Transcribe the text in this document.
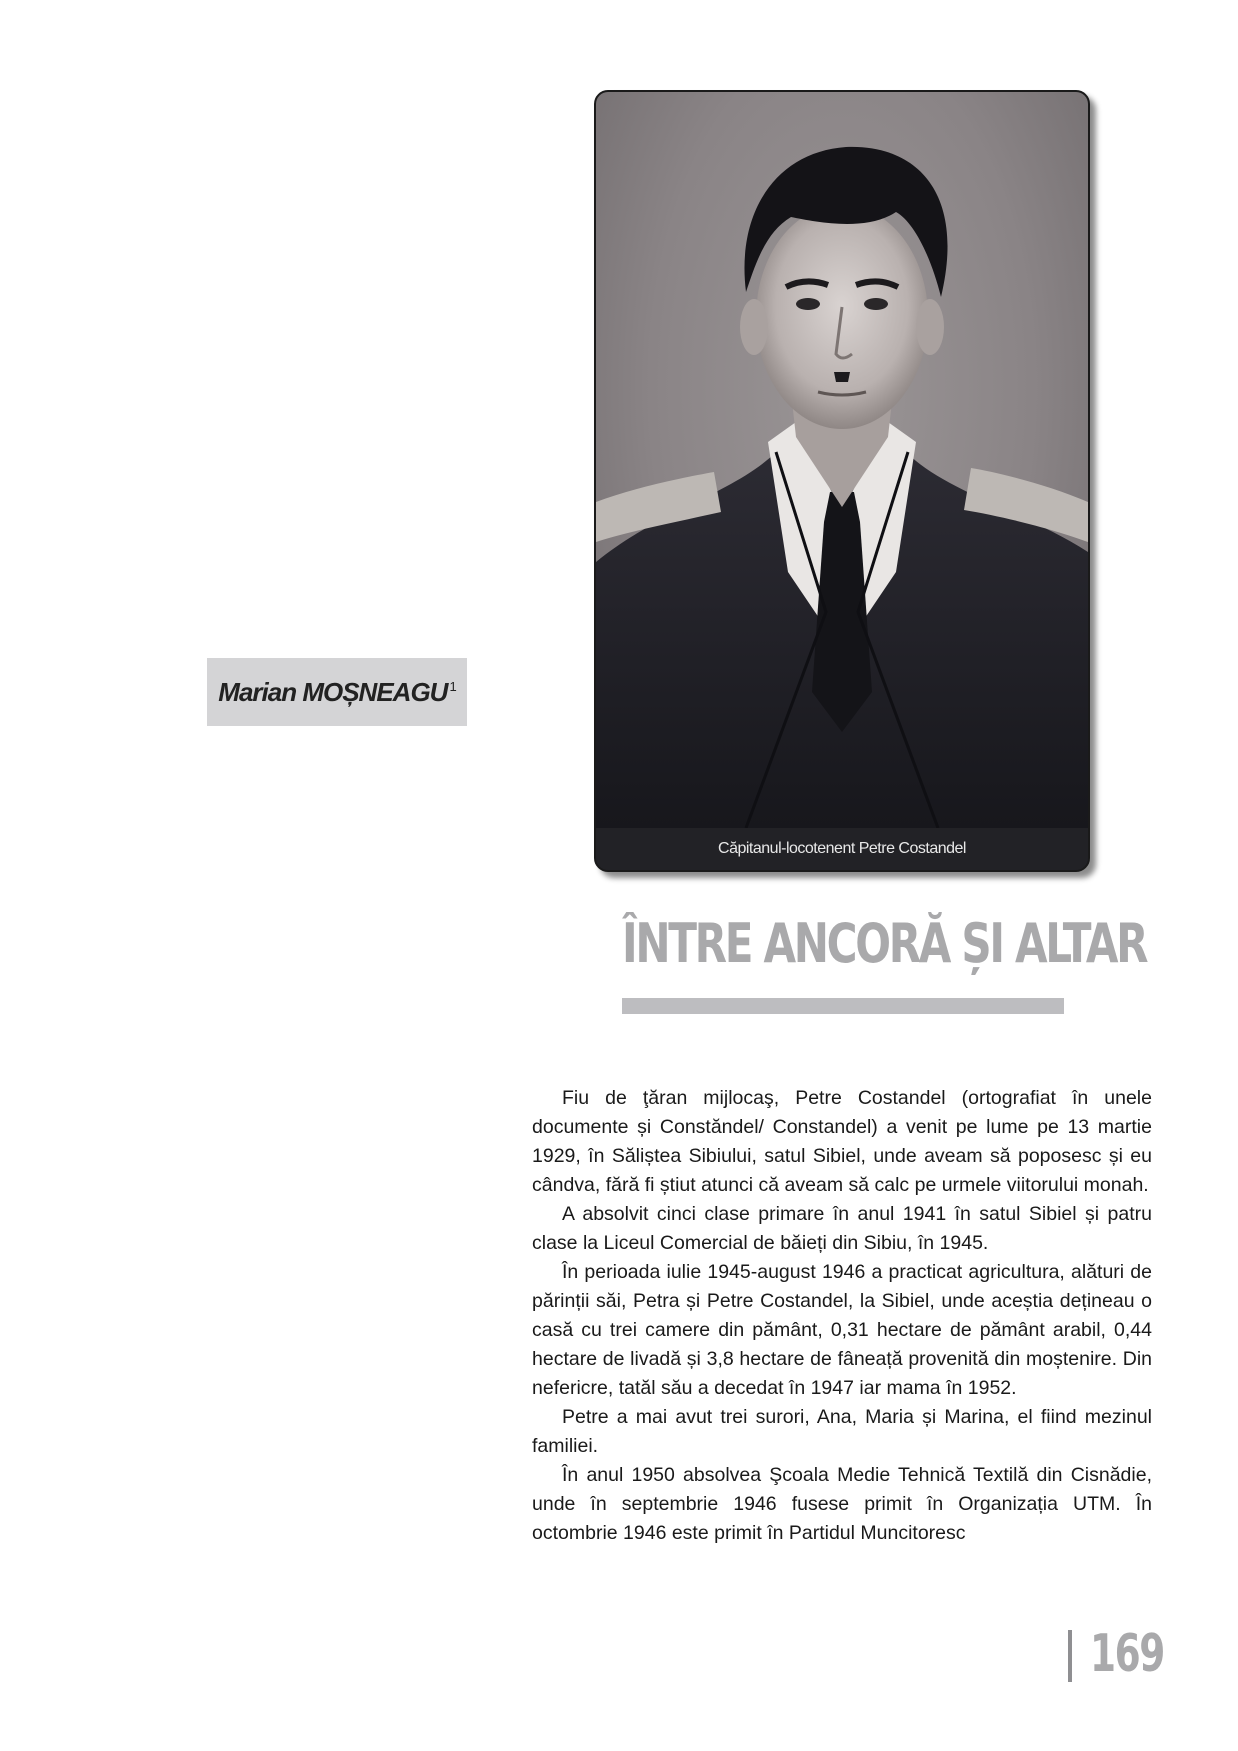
Marian MOȘNEAGU $^1$
Căpitanul-locotenent Petre Costandel
ÎNTRE ANCORĂ ȘI ALTAR

Fiu de ţăran mijlocaş, Petre Costandel (ortografiat în unele documente și Constăndel/ Constandel) a venit pe lume pe 13 martie 1929, în Săliștea Sibiului, satul Sibiel, unde aveam să poposesc și eu cândva, fără fi știut atunci că aveam să calc pe urmele viitorului monah.

A absolvit cinci clase primare în anul 1941 în satul Sibiel și patru clase la Liceul Comercial de băieți din Sibiu, în 1945.

În perioada iulie 1945-august 1946 a practicat agricultura, alături de părinții săi, Petra și Petre Costandel, la Sibiel, unde aceștia dețineau o casă cu trei camere din pământ, 0,31 hectare de pământ arabil, 0,44 hectare de livadă și 3,8 hectare de fâneață provenită din moștenire. Din nefericre, tatăl său a decedat în 1947 iar mama în 1952.

Petre a mai avut trei surori, Ana, Maria și Marina, el fiind mezinul familiei.

În anul 1950 absolvea Şcoala Medie Tehnică Textilă din Cisnădie, unde în septembrie 1946 fusese primit în Organizația UTM. În octombrie 1946 este primit în Partidul Muncitoresc

169
